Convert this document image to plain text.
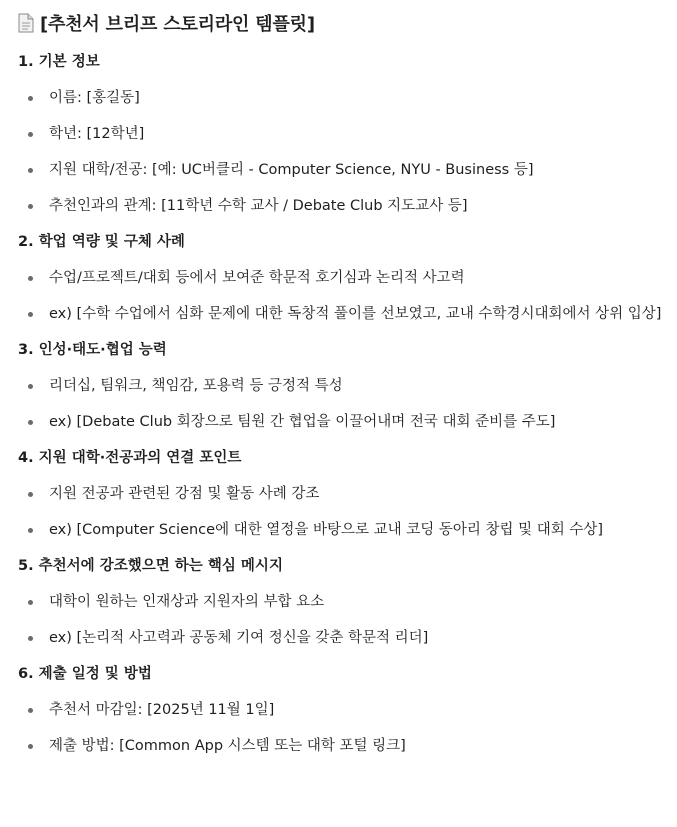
[추천서 브리프 스토리라인 템플릿]
1. 기본 정보
이름: [홍길동]
학년: [12학년]
지원 대학/전공: [예: UC버클리 - Computer Science, NYU - Business 등]
추천인과의 관계: [11학년 수학 교사 / Debate Club 지도교사 등]
2. 학업 역량 및 구체 사례
수업/프로젝트/대회 등에서 보여준 학문적 호기심과 논리적 사고력
ex) [수학 수업에서 심화 문제에 대한 독창적 풀이를 선보였고, 교내 수학경시대회에서 상위 입상]
3. 인성·태도·협업 능력
리더십, 팀워크, 책임감, 포용력 등 긍정적 특성
ex) [Debate Club 회장으로 팀원 간 협업을 이끌어내며 전국 대회 준비를 주도]
4. 지원 대학·전공과의 연결 포인트
지원 전공과 관련된 강점 및 활동 사례 강조
ex) [Computer Science에 대한 열정을 바탕으로 교내 코딩 동아리 창립 및 대회 수상]
5. 추천서에 강조했으면 하는 핵심 메시지
대학이 원하는 인재상과 지원자의 부합 요소
ex) [논리적 사고력과 공동체 기여 정신을 갖춘 학문적 리더]
6. 제출 일정 및 방법
추천서 마감일: [2025년 11월 1일]
제출 방법: [Common App 시스템 또는 대학 포털 링크]
